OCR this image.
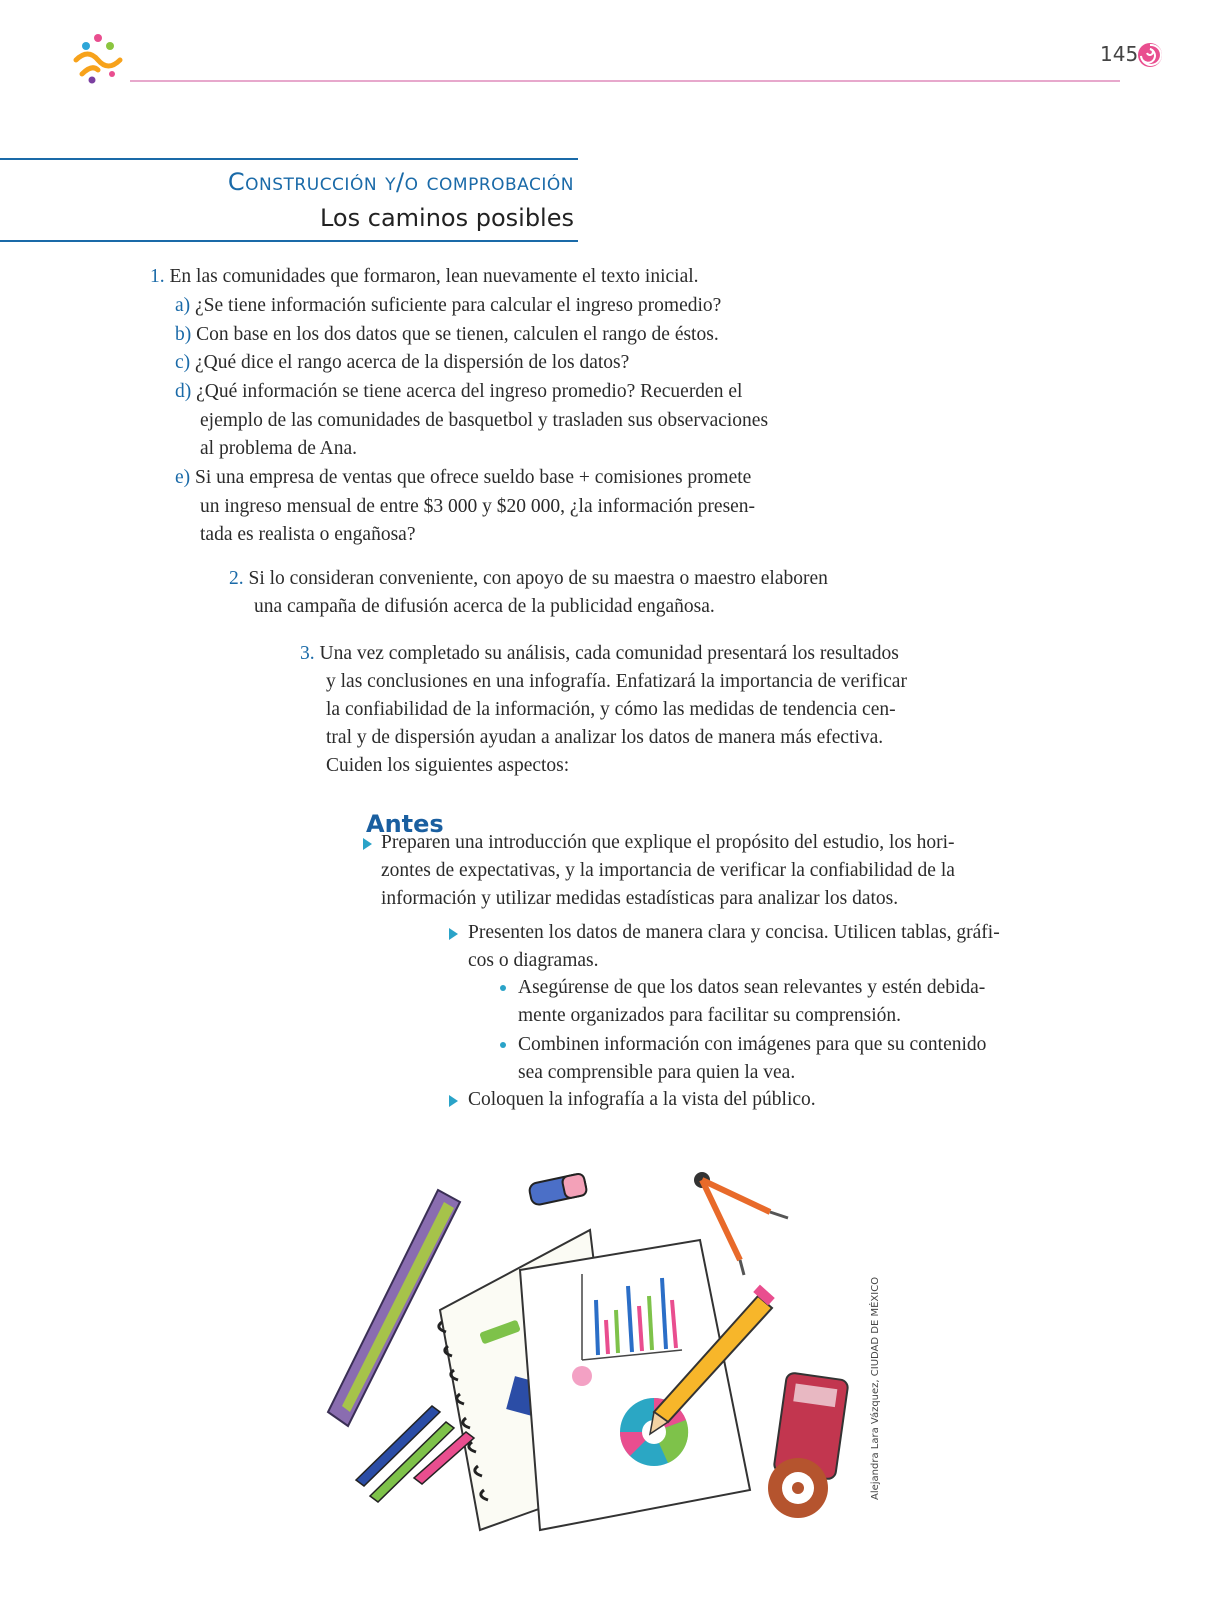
145
Construcción y/o comprobación
Los caminos posibles
1. En las comunidades que formaron, lean nuevamente el texto inicial.
a) ¿Se tiene información suficiente para calcular el ingreso promedio?
b) Con base en los dos datos que se tienen, calculen el rango de éstos.
c) ¿Qué dice el rango acerca de la dispersión de los datos?
d) ¿Qué información se tiene acerca del ingreso promedio? Recuerden el
ejemplo de las comunidades de basquetbol y trasladen sus observaciones
al problema de Ana.
e) Si una empresa de ventas que ofrece sueldo base + comisiones promete
un ingreso mensual de entre $3 000 y $20 000, ¿la información presen-
tada es realista o engañosa?
2. Si lo consideran conveniente, con apoyo de su maestra o maestro elaboren
una campaña de difusión acerca de la publicidad engañosa.
3. Una vez completado su análisis, cada comunidad presentará los resultados
y las conclusiones en una infografía. Enfatizará la importancia de verificar
la confiabilidad de la información, y cómo las medidas de tendencia cen-
tral y de dispersión ayudan a analizar los datos de manera más efectiva.
Cuiden los siguientes aspectos:
Antes
Preparen una introducción que explique el propósito del estudio, los hori-
zontes de expectativas, y la importancia de verificar la confiabilidad de la
información y utilizar medidas estadísticas para analizar los datos.
Presenten los datos de manera clara y concisa. Utilicen tablas, gráfi-
cos o diagramas.
Asegúrense de que los datos sean relevantes y estén debida-
mente organizados para facilitar su comprensión.
Combinen información con imágenes para que su contenido
sea comprensible para quien la vea.
Coloquen la infografía a la vista del público.
Alejandra Lara Vázquez, CIUDAD DE MÉXICO
